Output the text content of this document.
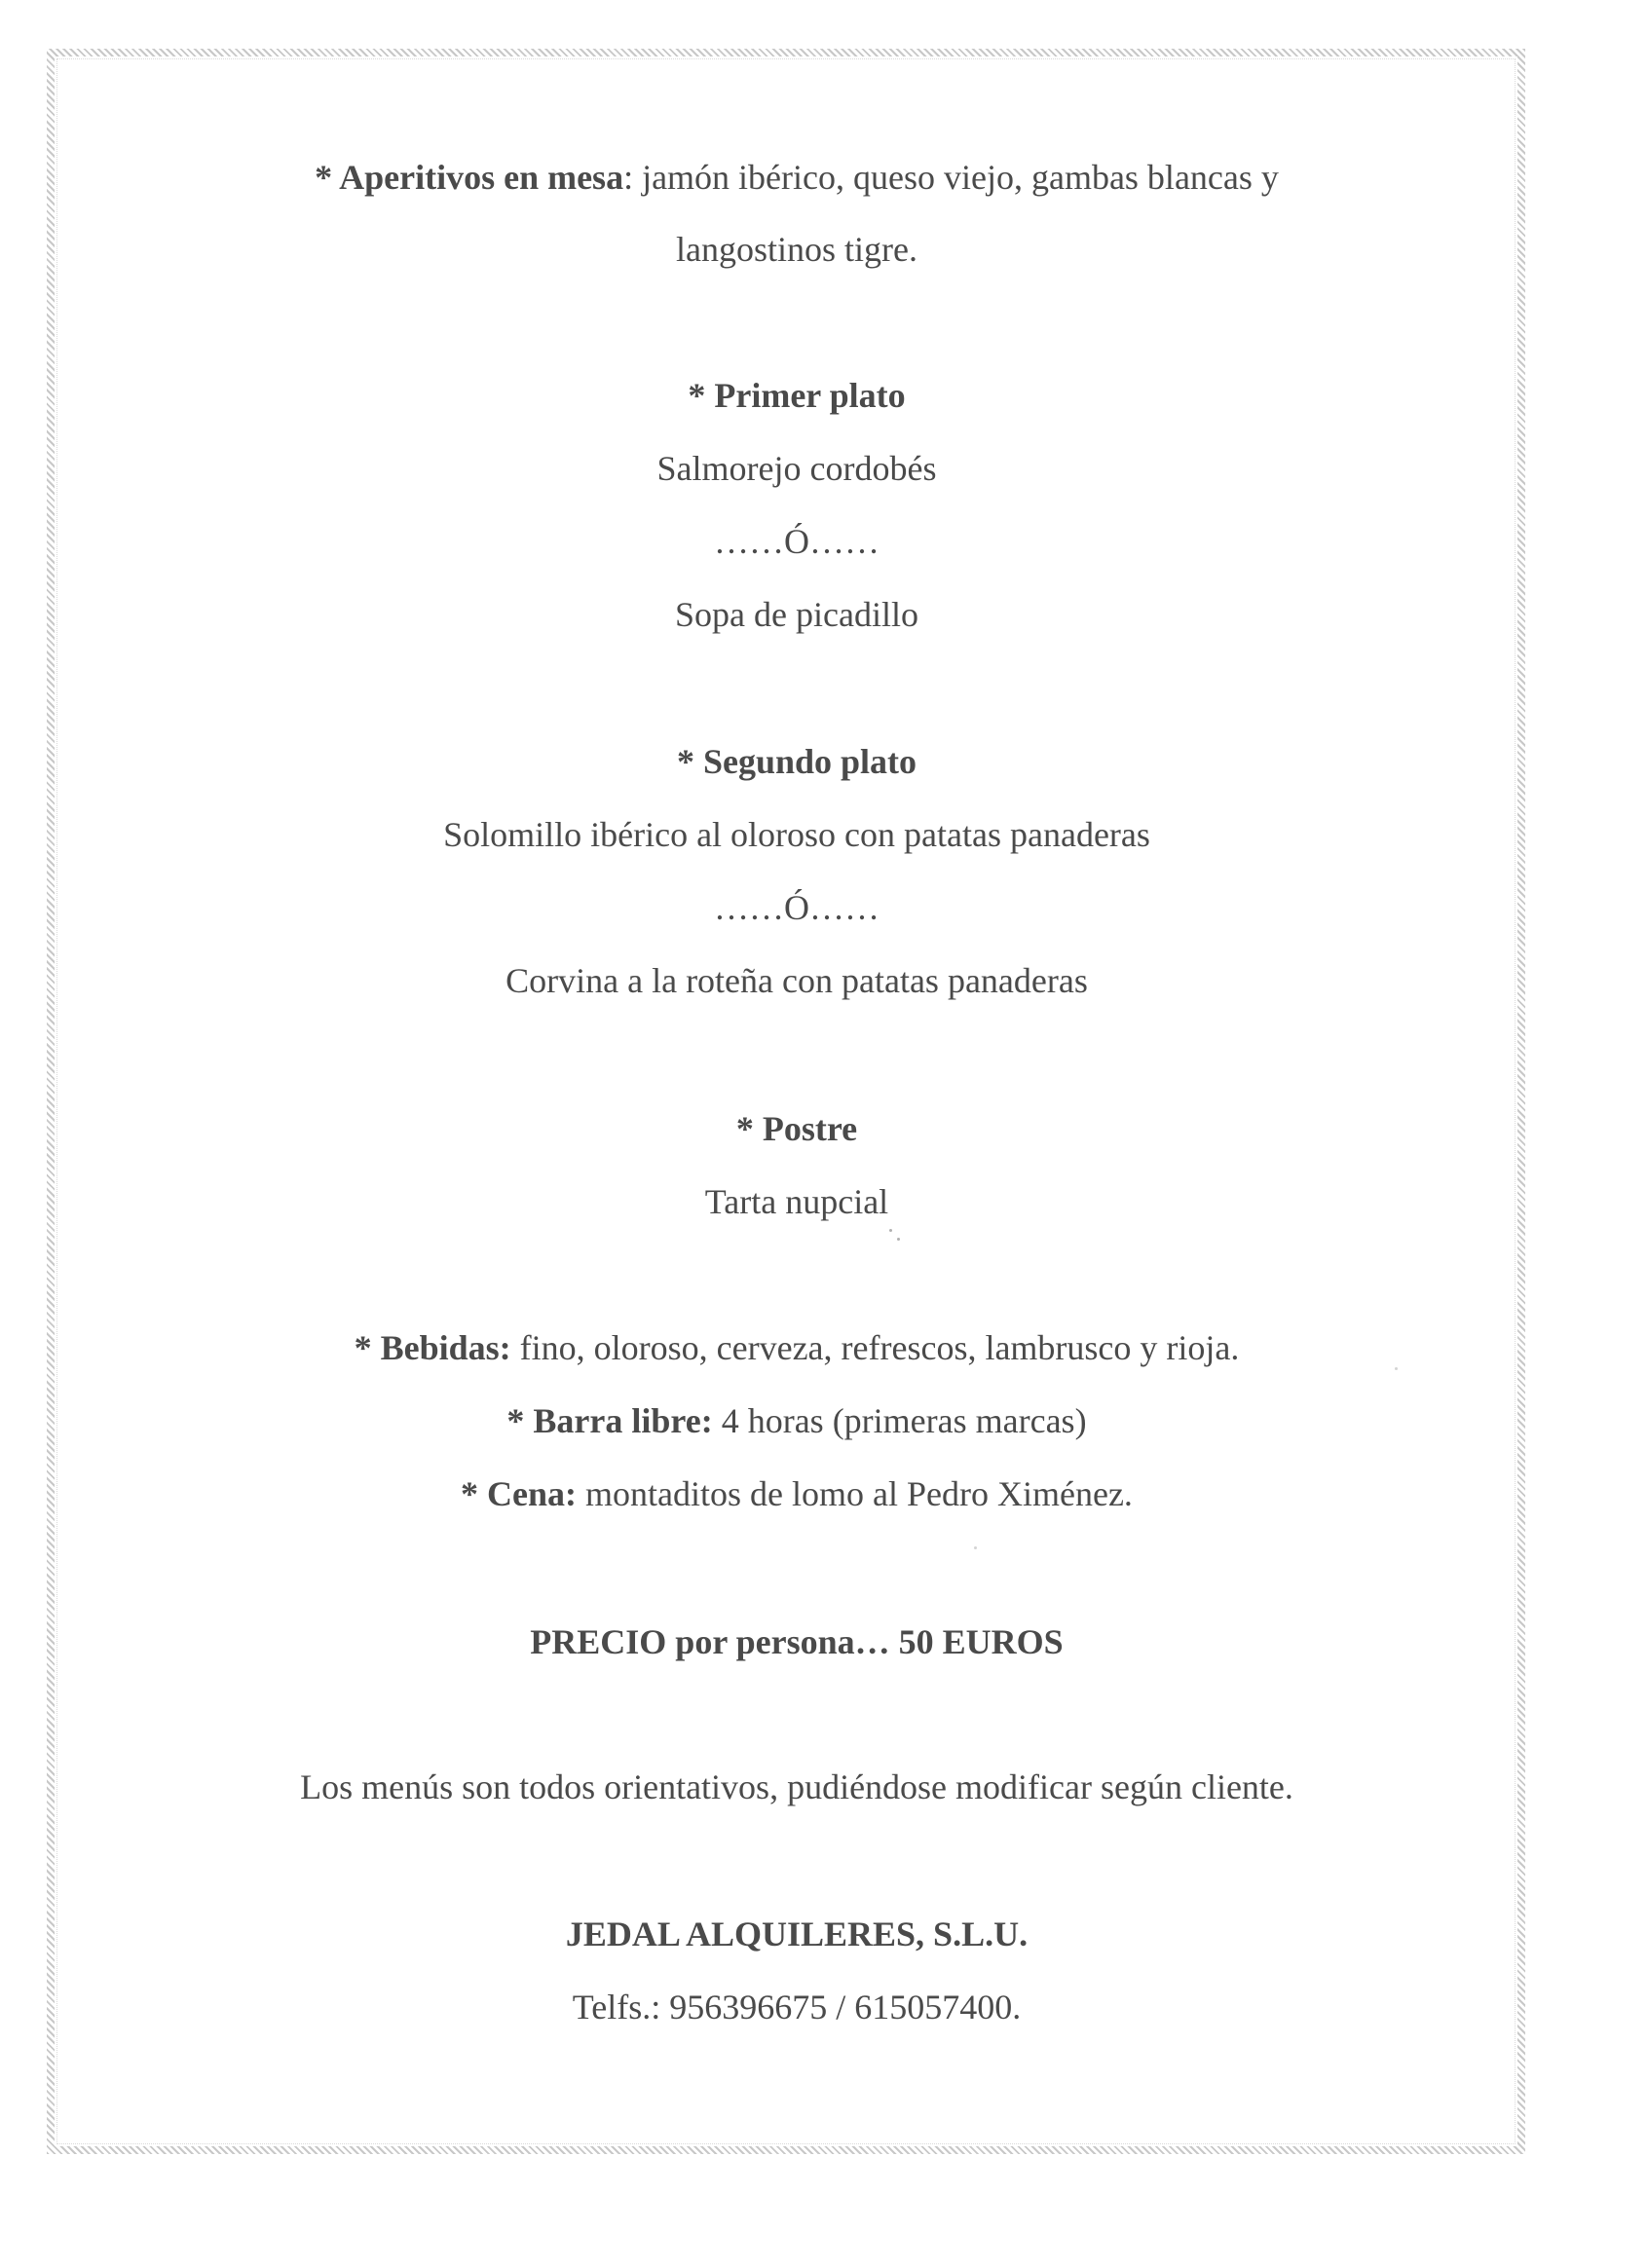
* Aperitivos en mesa: jamón ibérico, queso viejo, gambas blancas y
langostinos tigre.
* Primer plato
Salmorejo cordobés
……Ó……
Sopa de picadillo
* Segundo plato
Solomillo ibérico al oloroso con patatas panaderas
……Ó……
Corvina a la roteña con patatas panaderas
* Postre
Tarta nupcial
* Bebidas: fino, oloroso, cerveza, refrescos, lambrusco y rioja.
* Barra libre: 4 horas (primeras marcas)
* Cena: montaditos de lomo al Pedro Ximénez.
PRECIO por persona… 50 EUROS
Los menús son todos orientativos, pudiéndose modificar según cliente.
JEDAL ALQUILERES, S.L.U.
Telfs.: 956396675 / 615057400.
